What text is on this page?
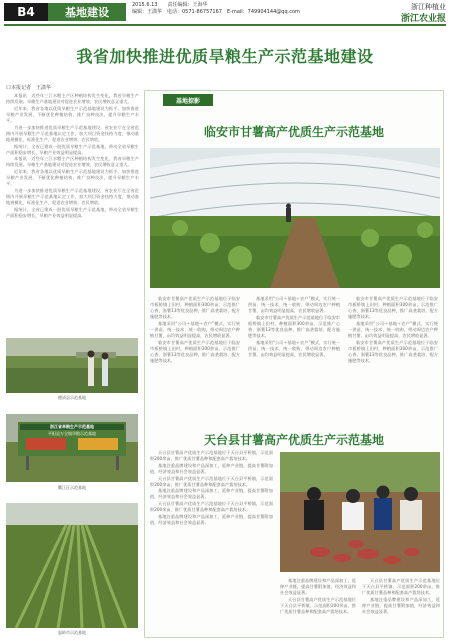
B4	基地建设
2015.6.13　　责任编辑：王海华
编辑：王潇华　电话：0571-86757167　E-mail：749904144@qq.com
浙江种植业
浙江农业报
我省加快推进优质旱粮生产示范基地建设
口本报记者　王潇华

本报讯　近些年三江水稻主产区种植结构发生变化，我省旱粮生产持续发展。旱粮生产基地建设对促进农业增效、农民增收意义重大。

近年来，我省各地以优质旱粮生产示范基地建设为抓手，加快推进旱粮产业发展，不断优化种植结构，推广良种良法，提升旱粮生产水平。

为进一步加快推进优质旱粮生产示范基地建设，省农业厅在全省范围内开展旱粮生产示范基地认定工作，加大项目资金扶持力度，推动基地规模化、标准化生产，促进农业增效、农民增收。

据统计，全省已建成一批优质旱粮生产示范基地，带动全省旱粮生产面积稳步增长，旱粮产业效益明显提高。

本报讯　近些年三江水稻主产区种植结构发生变化，我省旱粮生产持续发展。旱粮生产基地建设对促进农业增效、农民增收意义重大。

近年来，我省各地以优质旱粮生产示范基地建设为抓手，加快推进旱粮产业发展，不断优化种植结构，推广良种良法，提升旱粮生产水平。

为进一步加快推进优质旱粮生产示范基地建设，省农业厅在全省范围内开展旱粮生产示范基地认定工作，加大项目资金扶持力度，推动基地规模化、标准化生产，促进农业增效、农民增收。

据统计，全省已建成一批优质旱粮生产示范基地，带动全省旱粮生产面积稳步增长，旱粮产业效益明显提高。

德清县示范基地
浙江省旱粮生产示范基地
平阳县万全镇旱粮示范基地
衢江区示范基地
温岭市示范基地
基地掠影
临安市甘薯高产优质生产示范基地

临安市甘薯高产优质生产示范基地位于临安市板桥镇上田村，种植面积300余亩，示范推广心香、浙薯13等优良品种，推广高垄栽培、配方施肥等技术。

基地采用“公司＋基地＋农户”模式，实行统一供苗、统一技术、统一收购，带动周边农户种植甘薯，亩均效益明显提高，农民增收显著。

临安市甘薯高产优质生产示范基地位于临安市板桥镇上田村，种植面积300余亩，示范推广心香、浙薯13等优良品种，推广高垄栽培、配方施肥等技术。

基地采用“公司＋基地＋农户”模式，实行统一供苗、统一技术、统一收购，带动周边农户种植甘薯，亩均效益明显提高，农民增收显著。

临安市甘薯高产优质生产示范基地位于临安市板桥镇上田村，种植面积300余亩，示范推广心香、浙薯13等优良品种，推广高垄栽培、配方施肥等技术。

基地采用“公司＋基地＋农户”模式，实行统一供苗、统一技术、统一收购，带动周边农户种植甘薯，亩均效益明显提高，农民增收显著。

临安市甘薯高产优质生产示范基地位于临安市板桥镇上田村，种植面积300余亩，示范推广心香、浙薯13等优良品种，推广高垄栽培、配方施肥等技术。

基地采用“公司＋基地＋农户”模式，实行统一供苗、统一技术、统一收购，带动周边农户种植甘薯，亩均效益明显提高，农民增收显著。

临安市甘薯高产优质生产示范基地位于临安市板桥镇上田村，种植面积300余亩，示范推广心香、浙薯13等优良品种，推广高垄栽培、配方施肥等技术。

天台县甘薯高产优质生产示范基地

天台县甘薯高产优质生产示范基地位于天台县平桥镇，示范面积200余亩，推广优质甘薯品种和配套高产栽培技术。

基地注重品牌建设和产品深加工，延伸产业链，提高甘薯附加值，经济效益和社会效益显著。

天台县甘薯高产优质生产示范基地位于天台县平桥镇，示范面积200余亩，推广优质甘薯品种和配套高产栽培技术。

基地注重品牌建设和产品深加工，延伸产业链，提高甘薯附加值，经济效益和社会效益显著。

天台县甘薯高产优质生产示范基地位于天台县平桥镇，示范面积200余亩，推广优质甘薯品种和配套高产栽培技术。

基地注重品牌建设和产品深加工，延伸产业链，提高甘薯附加值，经济效益和社会效益显著。

基地注重品牌建设和产品深加工，延伸产业链，提高甘薯附加值，经济效益和社会效益显著。

天台县甘薯高产优质生产示范基地位于天台县平桥镇，示范面积200余亩，推广优质甘薯品种和配套高产栽培技术。

天台县甘薯高产优质生产示范基地位于天台县平桥镇，示范面积200余亩，推广优质甘薯品种和配套高产栽培技术。

基地注重品牌建设和产品深加工，延伸产业链，提高甘薯附加值，经济效益和社会效益显著。
